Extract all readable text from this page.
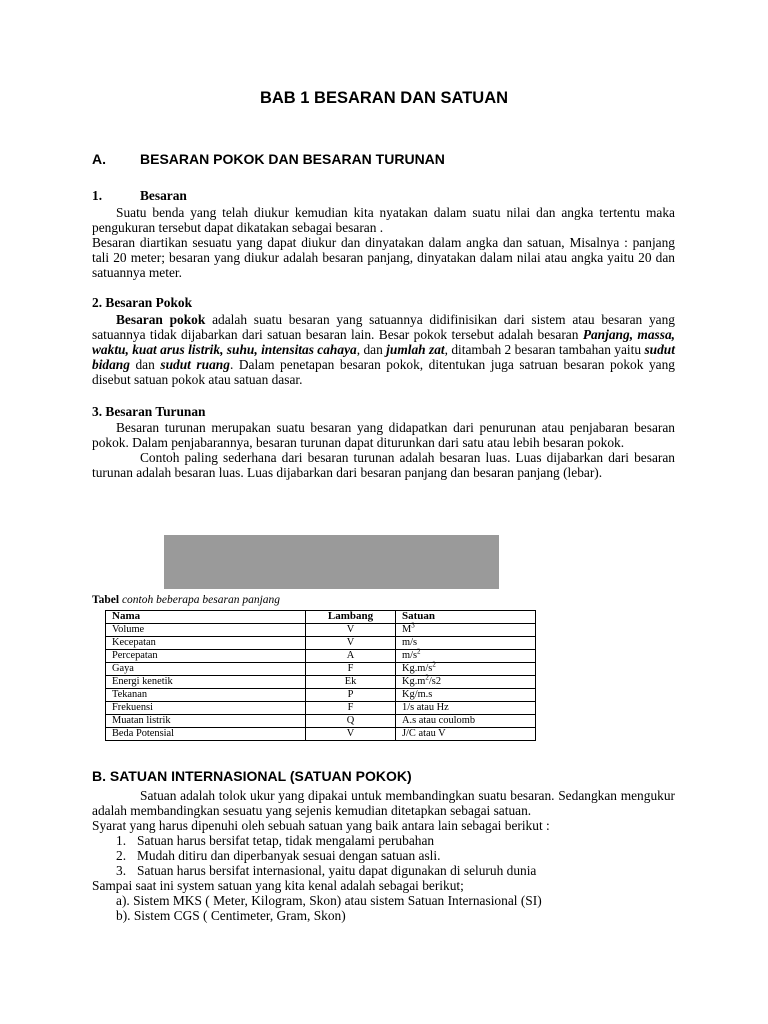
BAB 1 BESARAN DAN SATUAN
A. BESARAN POKOK DAN BESARAN TURUNAN
1.	Besaran

Suatu benda yang telah diukur kemudian kita nyatakan dalam suatu nilai dan angka tertentu maka pengukuran tersebut dapat dikatakan sebagai besaran .

Besaran diartikan sesuatu yang dapat diukur dan dinyatakan dalam angka dan satuan, Misalnya : panjang tali 20 meter; besaran yang diukur adalah besaran panjang, dinyatakan dalam nilai atau angka yaitu 20 dan satuannya meter.

2. Besaran Pokok

Besaran pokok adalah suatu besaran yang satuannya didifinisikan dari sistem atau besaran yang satuannya tidak dijabarkan dari satuan besaran lain. Besar pokok tersebut adalah besaran Panjang, massa, waktu, kuat arus listrik, suhu, intensitas cahaya, dan jumlah zat, ditambah 2 besaran tambahan yaitu sudut bidang dan sudut ruang. Dalam penetapan besaran pokok, ditentukan juga satruan besaran pokok yang disebut satuan pokok atau satuan dasar.

3. Besaran Turunan

Besaran turunan merupakan suatu besaran yang didapatkan dari penurunan atau penjabaran besaran pokok. Dalam penjabarannya, besaran turunan dapat diturunkan dari satu atau lebih besaran pokok.

Contoh paling sederhana dari besaran turunan adalah besaran luas. Luas dijabarkan dari besaran turunan adalah besaran luas. Luas dijabarkan dari besaran panjang dan besaran panjang (lebar).

Tabel contoh beberapa besaran panjang
Nama	Lambang	Satuan
Volume	V	$M^3$
Kecepatan	V	m/s
Percepatan	A	$m/s^2$
Gaya	F	$Kg.m/s^2$
Energi kenetik	Ek	$Kg.m^2/s2$
Tekanan	P	Kg/m.s
Frekuensi	F	1/s atau Hz
Muatan listrik	Q	A.s atau coulomb
Beda Potensial	V	J/C atau V
B. SATUAN INTERNASIONAL (SATUAN POKOK)

Satuan adalah tolok ukur yang dipakai untuk membandingkan suatu besaran. Sedangkan mengukur adalah membandingkan sesuatu yang sejenis kemudian ditetapkan sebagai satuan.

Syarat yang harus dipenuhi oleh sebuah satuan yang baik antara lain sebagai berikut :

1. Satuan harus bersifat tetap, tidak mengalami perubahan
2. Mudah ditiru dan diperbanyak sesuai dengan satuan asli.
3. Satuan harus bersifat internasional, yaitu dapat digunakan di seluruh dunia

Sampai saat ini system satuan yang kita kenal adalah sebagai berikut;

a). Sistem MKS ( Meter, Kilogram, Skon) atau sistem Satuan Internasional (SI)

b). Sistem CGS ( Centimeter, Gram, Skon)
